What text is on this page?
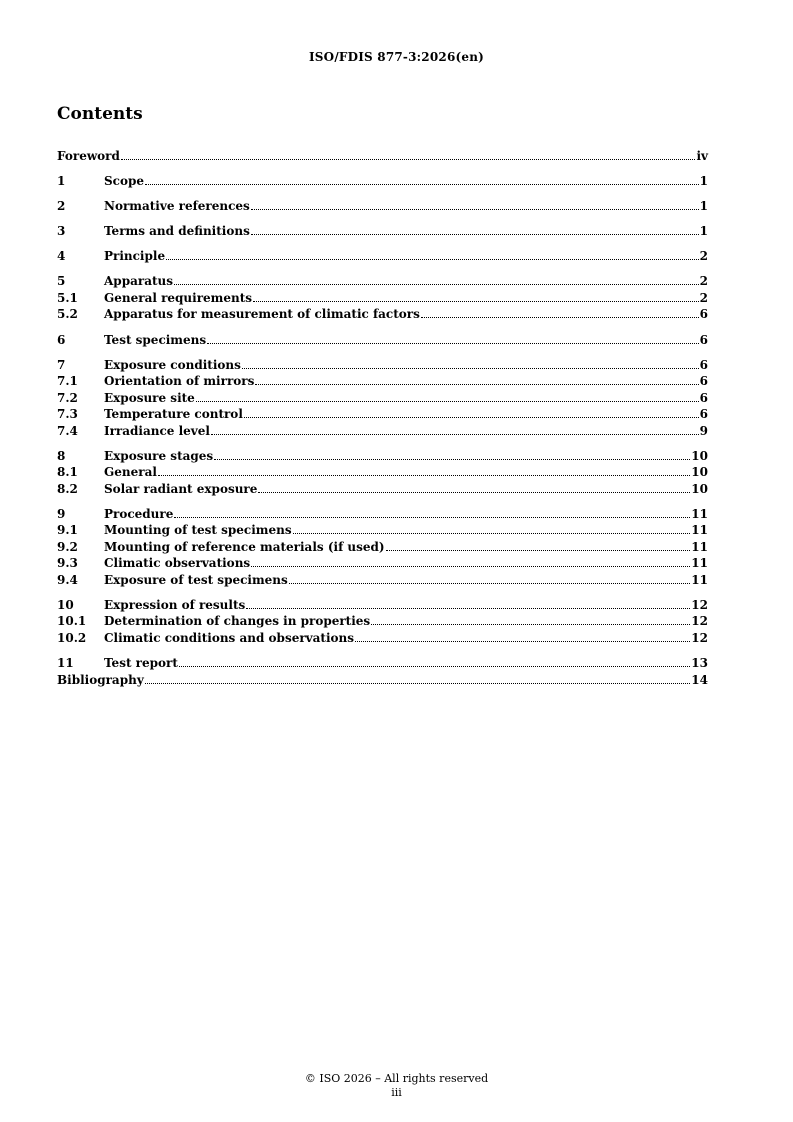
ISO/FDIS 877-3:2026(en)
Contents
Foreword	iv
1	Scope	1
2	Normative references	1
3	Terms and definitions	1
4	Principle	2
5	Apparatus	2
5.1	General requirements	2
5.2	Apparatus for measurement of climatic factors	6
6	Test specimens	6
7	Exposure conditions	6
7.1	Orientation of mirrors	6
7.2	Exposure site	6
7.3	Temperature control	6
7.4	Irradiance level	9
8	Exposure stages	10
8.1	General	10
8.2	Solar radiant exposure	10
9	Procedure	11
9.1	Mounting of test specimens	11
9.2	Mounting of reference materials (if used)	11
9.3	Climatic observations	11
9.4	Exposure of test specimens	11
10	Expression of results	12
10.1	Determination of changes in properties	12
10.2	Climatic conditions and observations	12
11	Test report	13
Bibliography	14
© ISO 2026 – All rights reserved
iii
